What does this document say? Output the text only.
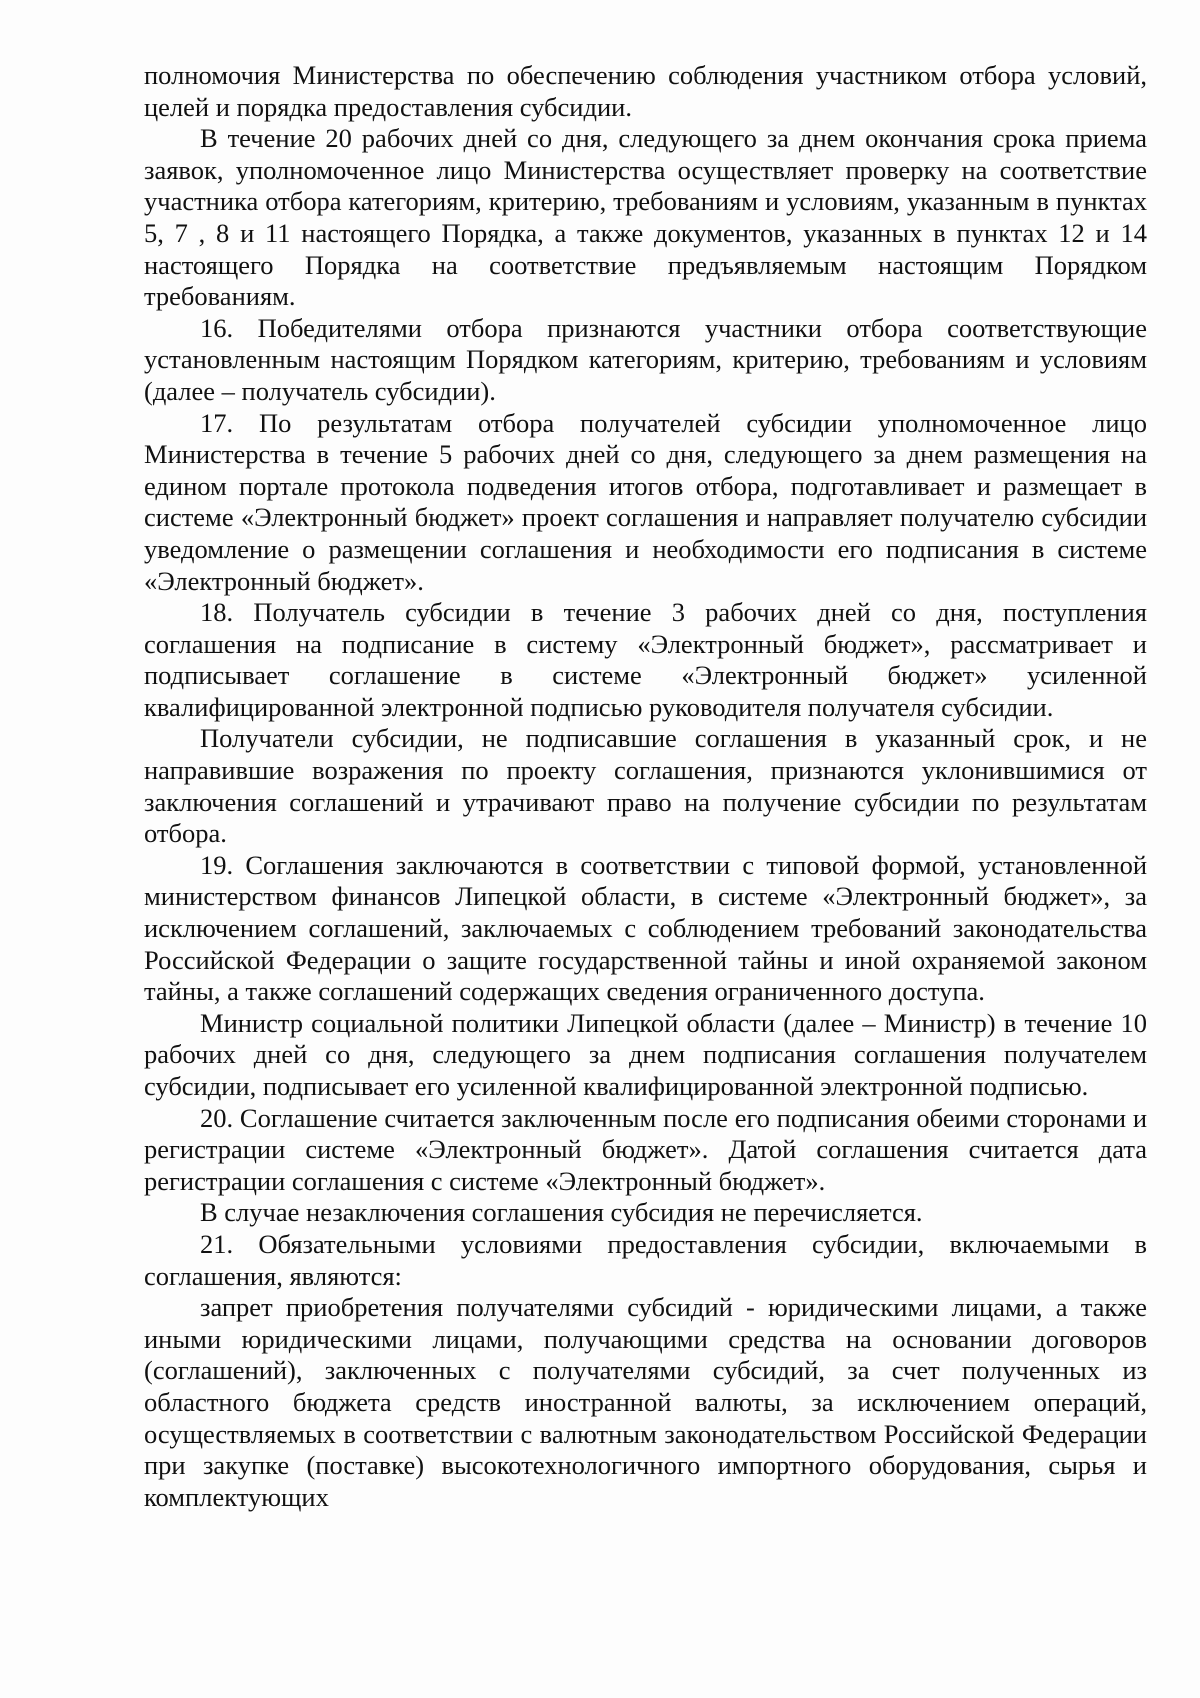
полномочия Министерства по обеспечению соблюдения участником отбора условий, целей и порядка предоставления субсидии.

В течение 20 рабочих дней со дня, следующего за днем окончания срока приема заявок, уполномоченное лицо Министерства осуществляет проверку на соответствие участника отбора категориям, критерию, требованиям и условиям, указанным в пунктах 5, 7 , 8 и 11 настоящего Порядка, а также документов, указанных в пунктах 12 и 14 настоящего Порядка на соответствие предъявляемым настоящим Порядком требованиям.

16. Победителями отбора признаются участники отбора соответствующие установленным настоящим Порядком категориям, критерию, требованиям и условиям (далее – получатель субсидии).

17. По результатам отбора получателей субсидии уполномоченное лицо Министерства в течение 5 рабочих дней со дня, следующего за днем размещения на едином портале протокола подведения итогов отбора, подготавливает и размещает в системе «Электронный бюджет» проект соглашения и направляет получателю субсидии уведомление о размещении соглашения и необходимости его подписания в системе «Электронный бюджет».

18. Получатель субсидии в течение 3 рабочих дней со дня, поступления соглашения на подписание в систему «Электронный бюджет», рассматривает и подписывает соглашение в системе «Электронный бюджет» усиленной квалифицированной электронной подписью руководителя получателя субсидии.

Получатели субсидии, не подписавшие соглашения в указанный срок, и не направившие возражения по проекту соглашения, признаются уклонившимися от заключения соглашений и утрачивают право на получение субсидии по результатам отбора.

19. Соглашения заключаются в соответствии с типовой формой, установленной министерством финансов Липецкой области, в системе «Электронный бюджет», за исключением соглашений, заключаемых с соблюдением требований законодательства Российской Федерации о защите государственной тайны и иной охраняемой законом тайны, а также соглашений содержащих сведения ограниченного доступа.

Министр социальной политики Липецкой области (далее – Министр) в течение 10 рабочих дней со дня, следующего за днем подписания соглашения получателем субсидии, подписывает его усиленной квалифицированной электронной подписью.

20. Соглашение считается заключенным после его подписания обеими сторонами и регистрации системе «Электронный бюджет». Датой соглашения считается дата регистрации соглашения с системе «Электронный бюджет».

В случае незаключения соглашения субсидия не перечисляется.

21. Обязательными условиями предоставления субсидии, включаемыми в соглашения, являются:

запрет приобретения получателями субсидий - юридическими лицами, а также иными юридическими лицами, получающими средства на основании договоров (соглашений), заключенных с получателями субсидий, за счет полученных из областного бюджета средств иностранной валюты, за исключением операций, осуществляемых в соответствии с валютным законодательством Российской Федерации при закупке (поставке) высокотехнологичного импортного оборудования, сырья и комплектующих
